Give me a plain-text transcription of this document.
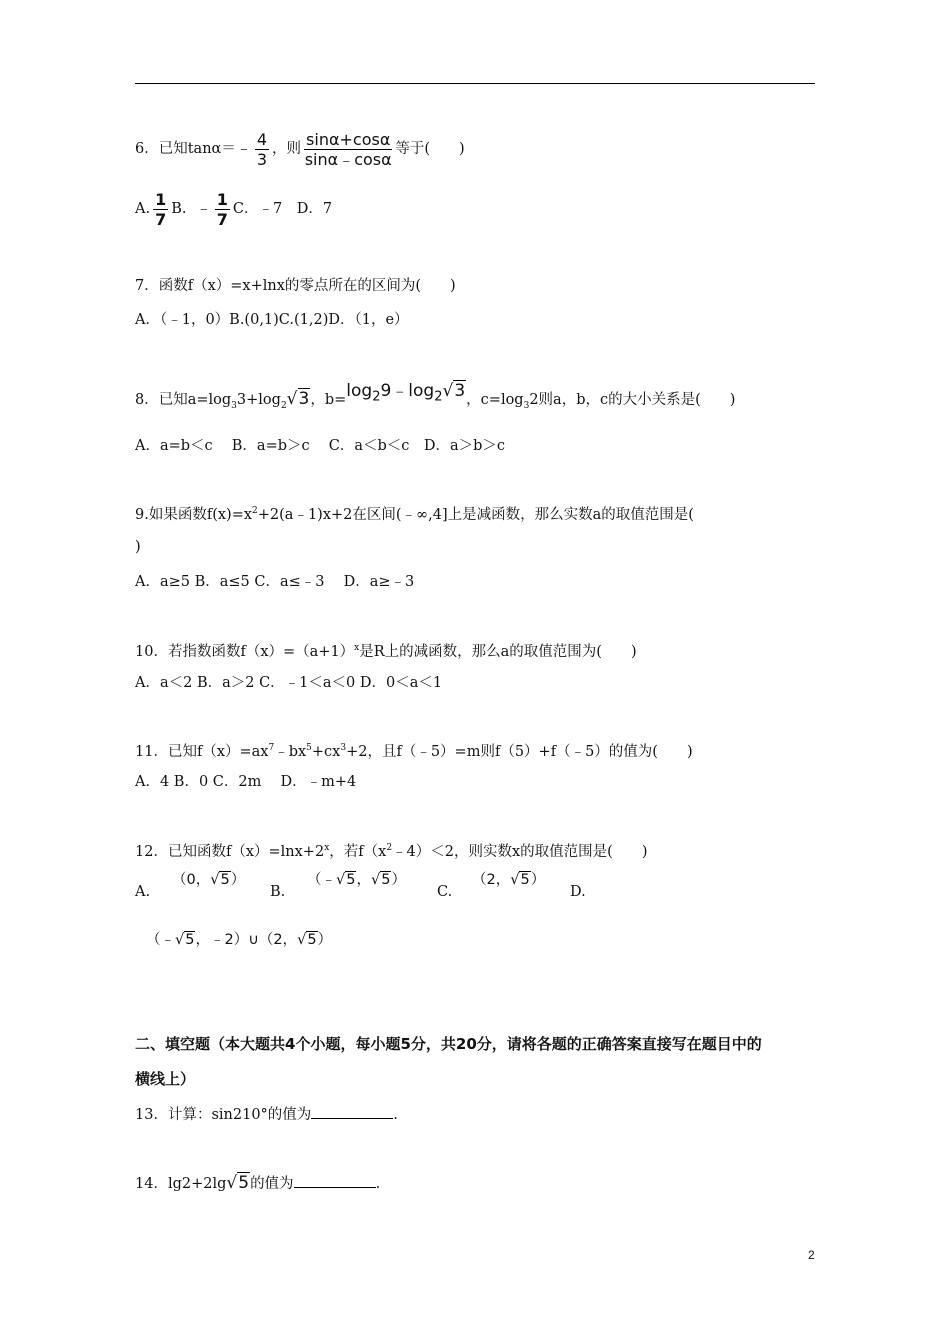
6．已知tanα＝﹣ $\frac{4}{3}$ ，则 $\frac{\sin\alpha+\cos\alpha}{\sin\alpha﹣\cos\alpha}$ 等于(　　)
A. $\frac{1}{7} B$. ﹣ $\frac{1}{7}$ C．﹣7　D．7
7．函数f（x）=x+lnx的零点所在的区间为(　　)
A．（﹣1，0）B.(0,1)C.(1,2)D．（1，e）
8．已知$a=\log_33+\log_2√3$，$b=\log_29﹣\log_2√3$，$c=\log_32$则a，b，c的大小关系是(　　)
A．a=b＜c　 B．a=b＞c　 C．a＜b＜c　D．a＞b＞c
9.如果函数$f(x)=x^2+2(a﹣1)x+2$在区间(﹣∞,4]上是减函数，那么实数a的取值范围是(
)
A．a≥5 B．a≤5 C．a≤﹣3　 D．a≥﹣3
10．若指数函数$f(x)=(a+1)^x$是R上的减函数，那么a的取值范围为(　　)
A．a＜2 B．a＞2 C．﹣1＜a＜0 D．0＜a＜1
11．已知$f(x)=ax^7﹣bx^5+cx^3+2$，且f（﹣5）=m则f（5）+f（﹣5）的值为(　　)
A．4 B．0 C．2m　 D．﹣m+4
12．已知函数$f(x)=\ln x+2^x$，若$f(x^2﹣4)<2$，则实数x的取值范围是(　　)
A.
（0，√5）
B.
（﹣√5，√5）
C.
（2，√5）
D.
（﹣√5，﹣2）∪（2，√5）
二、填空题（本大题共4个小题，每小题5分，共20分，请将各题的正确答案直接写在题目中的
横线上）
13．计算：sin210°的值为	.
14．lg2+2lg√5的值为	.
2
